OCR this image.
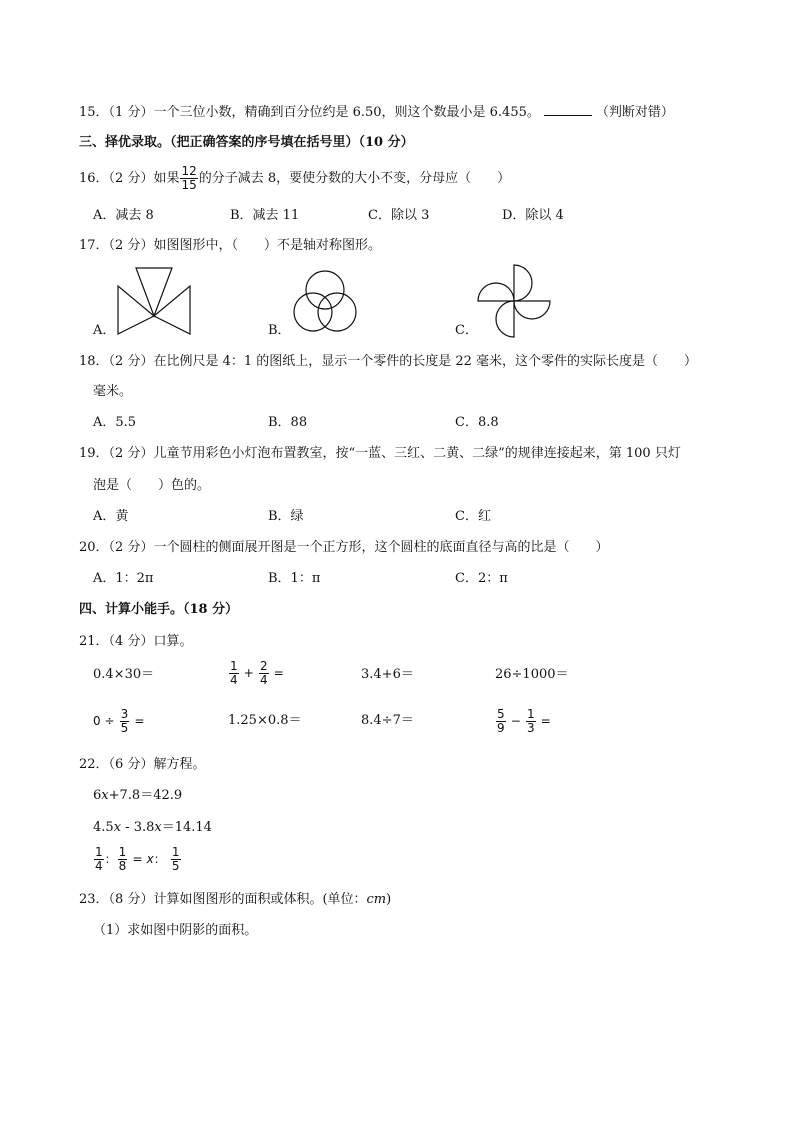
15．（1 分）一个三位小数，精确到百分位约是 6.50，则这个数最小是 6.455。	（判断对错）
三、择优录取。（把正确答案的序号填在括号里）（10 分）
16．（2 分）如果 $\frac{12}{15}$ 的分子减去 8，要使分数的大小不变，分母应（　　）
A．减去 8	B．减去 11	C．除以 3	D．除以 4
17．（2 分）如图图形中，（　　）不是轴对称图形。
A．	B．	C．
18．（2 分）在比例尺是 4：1 的图纸上，显示一个零件的长度是 22 毫米，这个零件的实际长度是（　　）
毫米。
A．5.5	B．88	C．8.8
19．（2 分）儿童节用彩色小灯泡布置教室，按“一蓝、三红、二黄、二绿”的规律连接起来，第 100 只灯
泡是（　　）色的。
A．黄	B．绿	C．红
20．（2 分）一个圆柱的侧面展开图是一个正方形，这个圆柱的底面直径与高的比是（　　）
A．1：2π	B．1：π	C．2：π
四、计算小能手。（18 分）
21．（4 分）口算。
0.4×30＝	$\frac{1}{4} + \frac{2}{4}$ =	3.4+6＝	26÷1000＝
$0 \div \frac{3}{5}$ =	1.25×0.8＝	8.4÷7＝	$\frac{5}{9} - \frac{1}{3}$ =
22．（6 分）解方程。
6x+7.8＝42.9
4.5x - 3.8x＝14.14
$\frac{1}{4}$ ： $\frac{1}{8} = x$： $\frac{1}{5}$
23．（8 分）计算如图图形的面积或体积。(单位：cm)
（1）求如图中阴影的面积。
